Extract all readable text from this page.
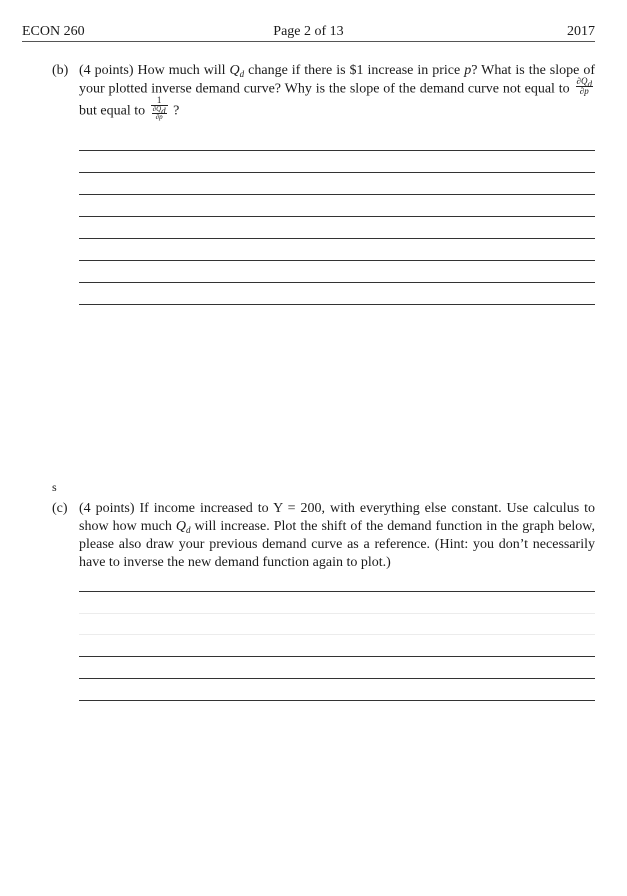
ECON 260	Page 2 of 13	2017
(b) (4 points) How much will $Q_d$ change if there is $1 increase in price p? What is the slope of your plotted inverse demand curve? Why is the slope of the demand curve not equal to $\frac{\partial Q_d}{\partial p}$
but equal to $\frac{1}{\frac{\partial Q_d}{\partial p}}$ ?

s
(c) (4 points) If income increased to Y = 200, with everything else constant. Use calculus to show how much $Q_d$ will increase. Plot the shift of the demand function in the graph below, please also draw your previous demand curve as a reference. (Hint: you don’t necessarily have to inverse the new demand function again to plot.)
